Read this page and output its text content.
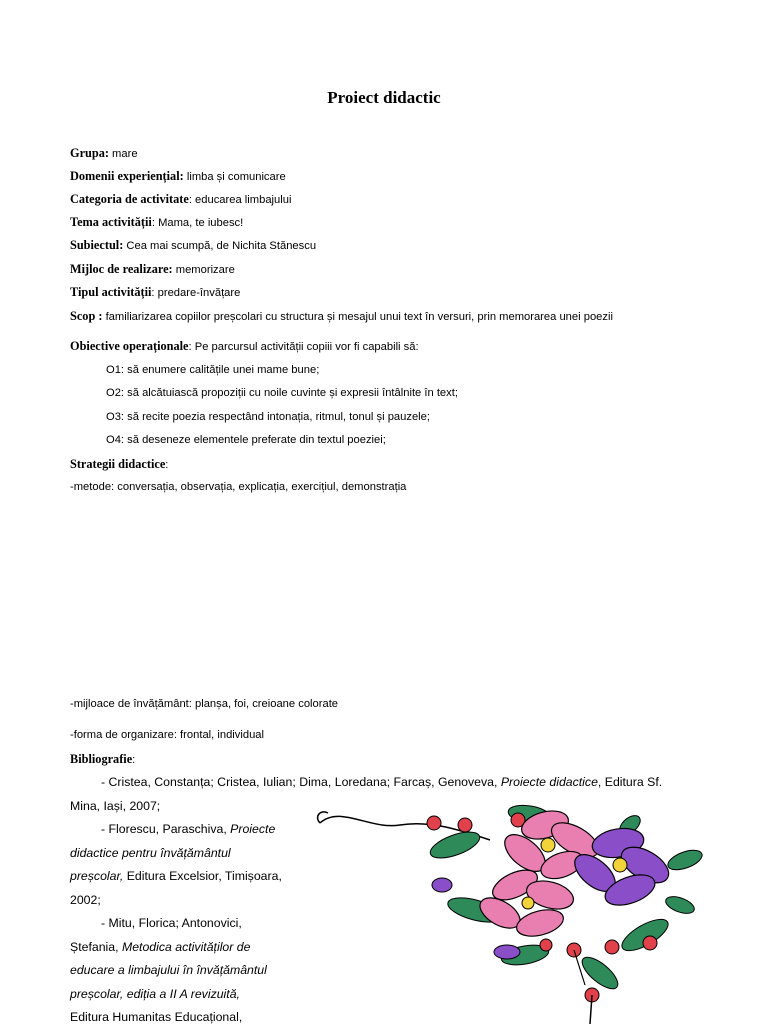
Proiect didactic
Grupa: mare
Domenii experiențial: limba și comunicare
Categoria de activitate: educarea limbajului
Tema activității: Mama, te iubesc!
Subiectul: Cea mai scumpă, de Nichita Stănescu
Mijloc de realizare: memorizare
Tipul activității: predare-învățare
Scop : familiarizarea copiilor preșcolari cu structura și mesajul unui text în versuri, prin memorarea unei poezii
Obiective operaționale: Pe parcursul activității copiii vor fi capabili să:
O1: să enumere calitățile unei mame bune;
O2: să alcătuiască propoziții cu noile cuvinte și expresii întâlnite în text;
O3: să recite poezia respectând intonația, ritmul, tonul și pauzele;
O4: să deseneze elementele preferate din textul poeziei;
Strategii didactice:
-metode: conversația, observația, explicația, exercițiul, demonstrația
-mijloace de învățământ: planșa, foi, creioane colorate
-forma de organizare: frontal, individual
Bibliografie:
- Cristea, Constanța; Cristea, Iulian; Dima, Loredana; Farcaș, Genoveva, Proiecte didactice, Editura Sf.
Mina, Iași, 2007;
- Florescu, Paraschiva, Proiecte
didactice pentru învățământul
preșcolar, Editura Excelsior, Timișoara,
2002;
- Mitu, Florica; Antonovici,
Ștefania, Metodica activităților de
educare a limbajului în învățământul
preșcolar, ediția a II A revizuită,
Editura Humanitas Educațional,
